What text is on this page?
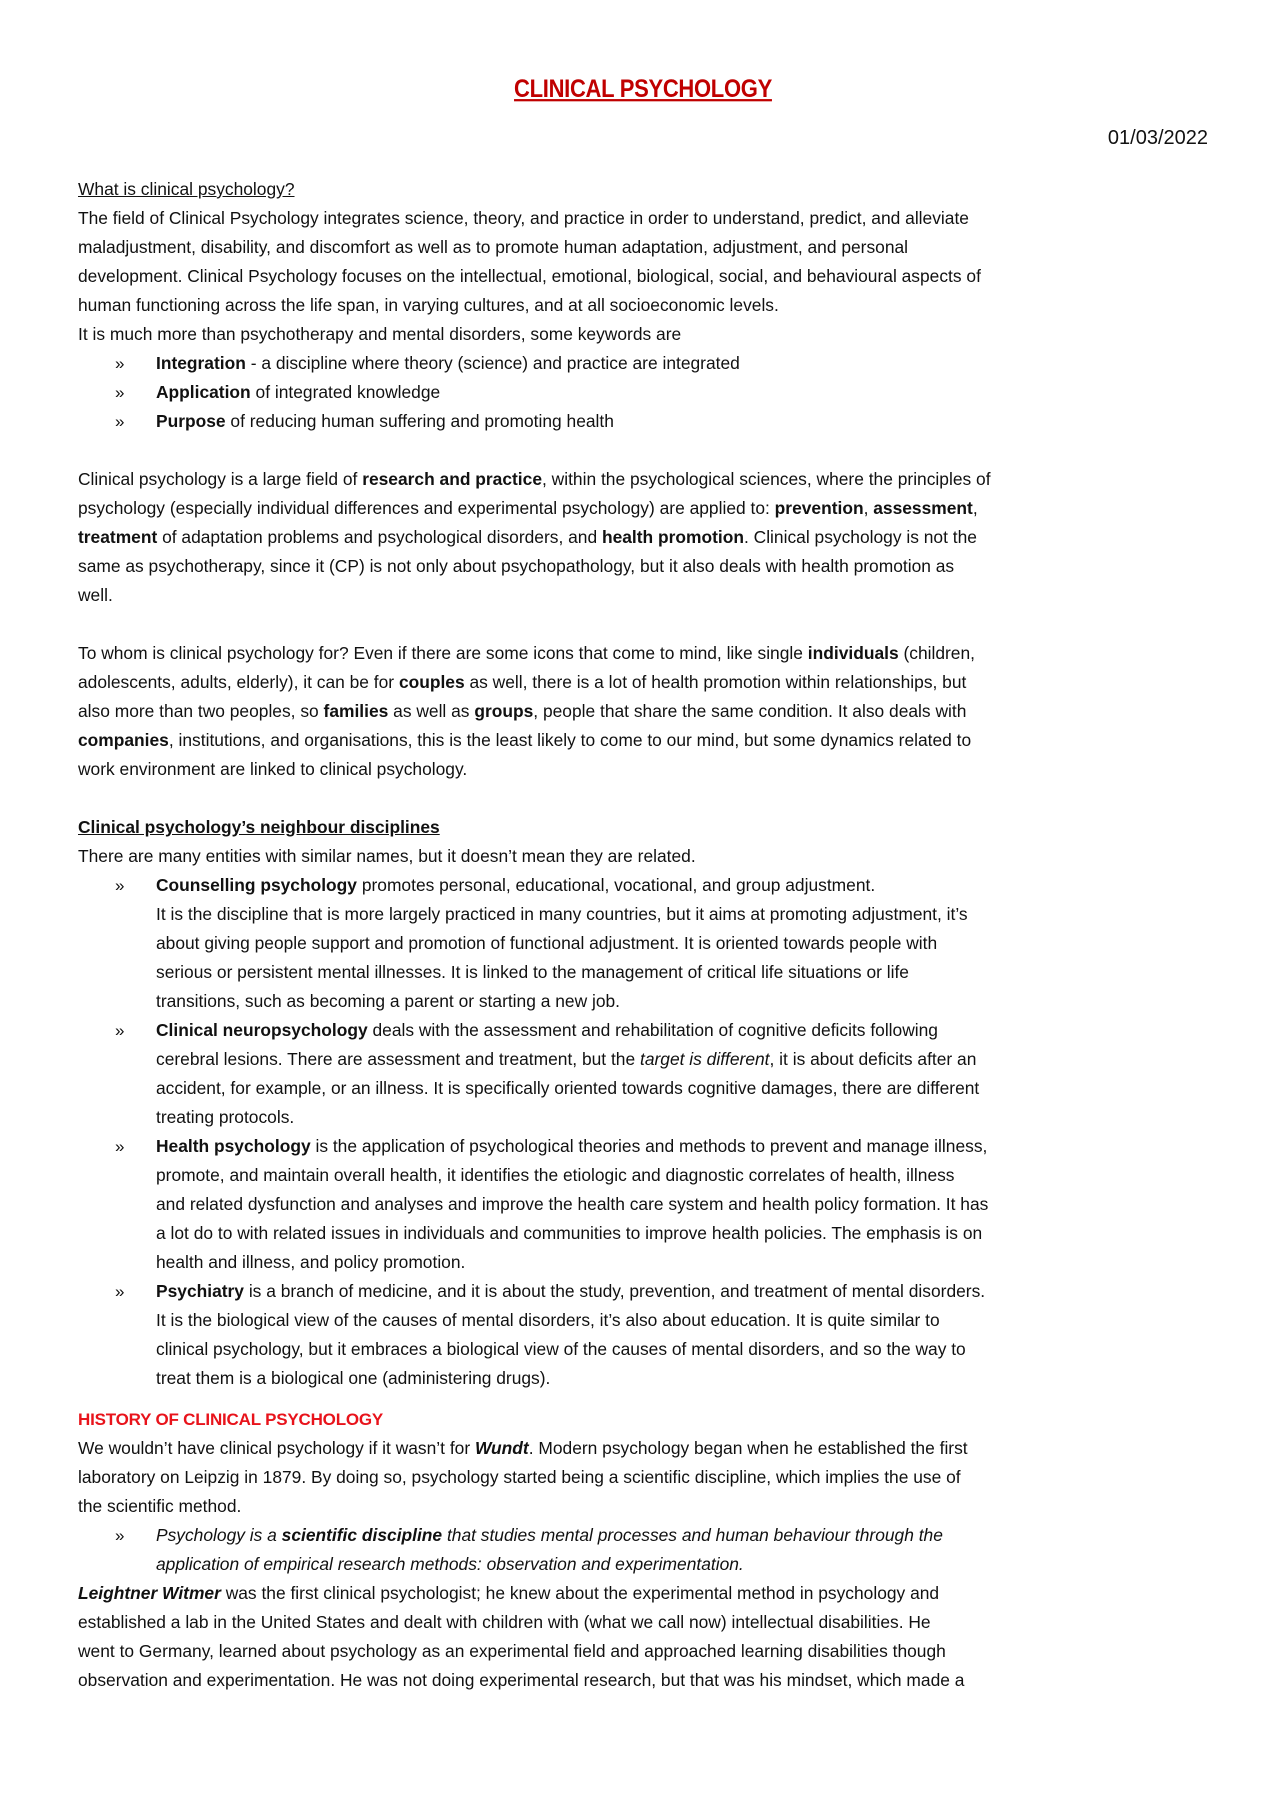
CLINICAL PSYCHOLOGY
01/03/2022
What is clinical psychology?
The field of Clinical Psychology integrates science, theory, and practice in order to understand, predict, and alleviate
maladjustment, disability, and discomfort as well as to promote human adaptation, adjustment, and personal
development. Clinical Psychology focuses on the intellectual, emotional, biological, social, and behavioural aspects of
human functioning across the life span, in varying cultures, and at all socioeconomic levels.
It is much more than psychotherapy and mental disorders, some keywords are
» Integration - a discipline where theory (science) and practice are integrated
» Application of integrated knowledge
» Purpose of reducing human suffering and promoting health
Clinical psychology is a large field of research and practice, within the psychological sciences, where the principles of
psychology (especially individual differences and experimental psychology) are applied to: prevention, assessment,
treatment of adaptation problems and psychological disorders, and health promotion. Clinical psychology is not the
same as psychotherapy, since it (CP) is not only about psychopathology, but it also deals with health promotion as
well.
To whom is clinical psychology for? Even if there are some icons that come to mind, like single individuals (children,
adolescents, adults, elderly), it can be for couples as well, there is a lot of health promotion within relationships, but
also more than two peoples, so families as well as groups, people that share the same condition. It also deals with
companies, institutions, and organisations, this is the least likely to come to our mind, but some dynamics related to
work environment are linked to clinical psychology.
Clinical psychology’s neighbour disciplines
There are many entities with similar names, but it doesn’t mean they are related.
» Counselling psychology promotes personal, educational, vocational, and group adjustment.
It is the discipline that is more largely practiced in many countries, but it aims at promoting adjustment, it’s
about giving people support and promotion of functional adjustment. It is oriented towards people with
serious or persistent mental illnesses. It is linked to the management of critical life situations or life
transitions, such as becoming a parent or starting a new job.
» Clinical neuropsychology deals with the assessment and rehabilitation of cognitive deficits following
cerebral lesions. There are assessment and treatment, but the target is different, it is about deficits after an
accident, for example, or an illness. It is specifically oriented towards cognitive damages, there are different
treating protocols.
» Health psychology is the application of psychological theories and methods to prevent and manage illness,
promote, and maintain overall health, it identifies the etiologic and diagnostic correlates of health, illness
and related dysfunction and analyses and improve the health care system and health policy formation. It has
a lot do to with related issues in individuals and communities to improve health policies. The emphasis is on
health and illness, and policy promotion.
» Psychiatry is a branch of medicine, and it is about the study, prevention, and treatment of mental disorders.
It is the biological view of the causes of mental disorders, it’s also about education. It is quite similar to
clinical psychology, but it embraces a biological view of the causes of mental disorders, and so the way to
treat them is a biological one (administering drugs).
HISTORY OF CLINICAL PSYCHOLOGY
We wouldn’t have clinical psychology if it wasn’t for Wundt. Modern psychology began when he established the first
laboratory on Leipzig in 1879. By doing so, psychology started being a scientific discipline, which implies the use of
the scientific method.
» Psychology is a scientific discipline that studies mental processes and human behaviour through the
application of empirical research methods: observation and experimentation.
Leightner Witmer was the first clinical psychologist; he knew about the experimental method in psychology and
established a lab in the United States and dealt with children with (what we call now) intellectual disabilities. He
went to Germany, learned about psychology as an experimental field and approached learning disabilities though
observation and experimentation. He was not doing experimental research, but that was his mindset, which made a
